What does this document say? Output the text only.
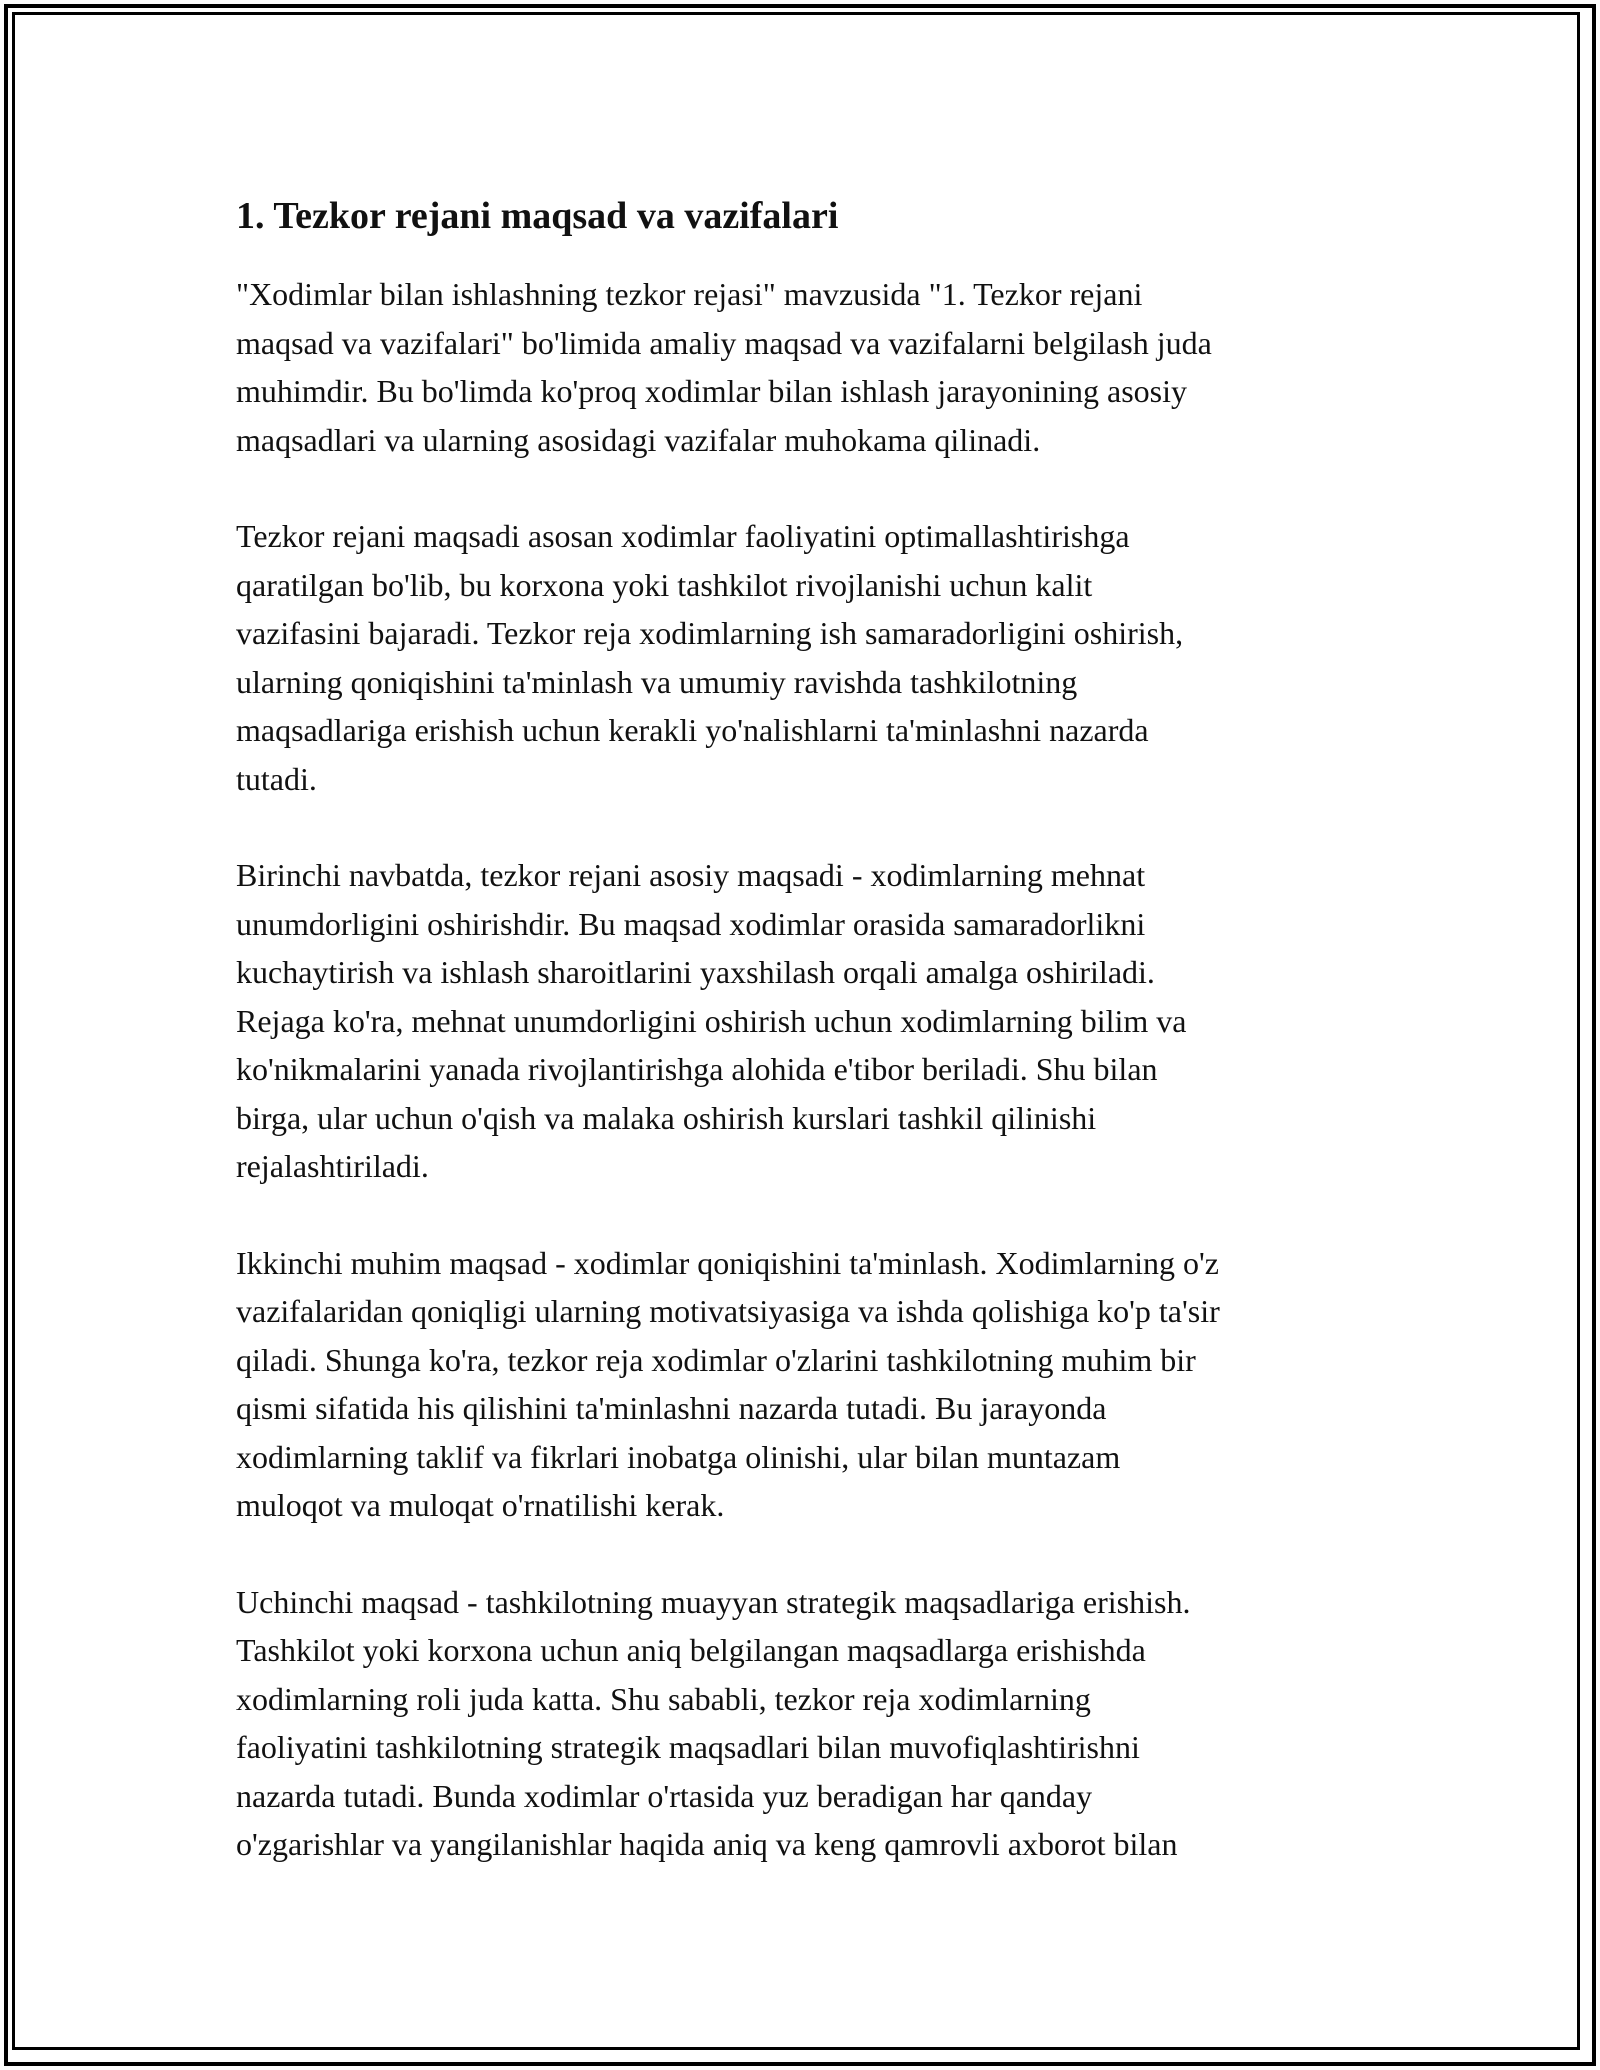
1. Tezkor rejani maqsad va vazifalari

"Xodimlar bilan ishlashning tezkor rejasi" mavzusida "1. Tezkor rejani
maqsad va vazifalari" bo'limida amaliy maqsad va vazifalarni belgilash juda
muhimdir. Bu bo'limda ko'proq xodimlar bilan ishlash jarayonining asosiy
maqsadlari va ularning asosidagi vazifalar muhokama qilinadi.

Tezkor rejani maqsadi asosan xodimlar faoliyatini optimallashtirishga
qaratilgan bo'lib, bu korxona yoki tashkilot rivojlanishi uchun kalit
vazifasini bajaradi. Tezkor reja xodimlarning ish samaradorligini oshirish,
ularning qoniqishini ta'minlash va umumiy ravishda tashkilotning
maqsadlariga erishish uchun kerakli yo'nalishlarni ta'minlashni nazarda
tutadi.

Birinchi navbatda, tezkor rejani asosiy maqsadi - xodimlarning mehnat
unumdorligini oshirishdir. Bu maqsad xodimlar orasida samaradorlikni
kuchaytirish va ishlash sharoitlarini yaxshilash orqali amalga oshiriladi.
Rejaga ko'ra, mehnat unumdorligini oshirish uchun xodimlarning bilim va
ko'nikmalarini yanada rivojlantirishga alohida e'tibor beriladi. Shu bilan
birga, ular uchun o'qish va malaka oshirish kurslari tashkil qilinishi
rejalashtiriladi.

Ikkinchi muhim maqsad - xodimlar qoniqishini ta'minlash. Xodimlarning o'z
vazifalaridan qoniqligi ularning motivatsiyasiga va ishda qolishiga ko'p ta'sir
qiladi. Shunga ko'ra, tezkor reja xodimlar o'zlarini tashkilotning muhim bir
qismi sifatida his qilishini ta'minlashni nazarda tutadi. Bu jarayonda
xodimlarning taklif va fikrlari inobatga olinishi, ular bilan muntazam
muloqot va muloqat o'rnatilishi kerak.

Uchinchi maqsad - tashkilotning muayyan strategik maqsadlariga erishish.
Tashkilot yoki korxona uchun aniq belgilangan maqsadlarga erishishda
xodimlarning roli juda katta. Shu sababli, tezkor reja xodimlarning
faoliyatini tashkilotning strategik maqsadlari bilan muvofiqlashtirishni
nazarda tutadi. Bunda xodimlar o'rtasida yuz beradigan har qanday
o'zgarishlar va yangilanishlar haqida aniq va keng qamrovli axborot bilan
